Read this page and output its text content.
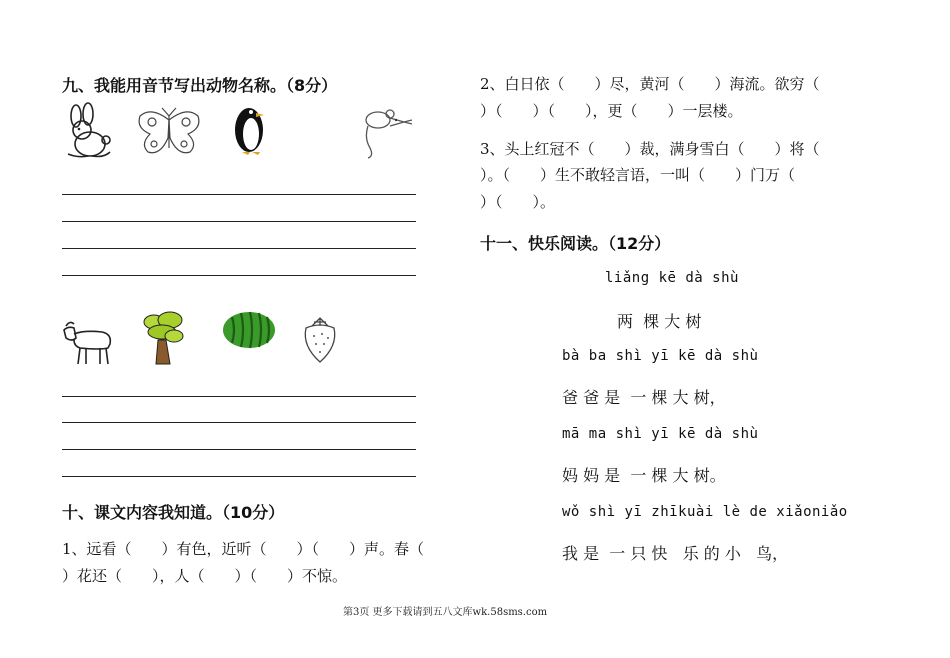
九、我能用音节写出动物名称。（8分）
十、课文内容我知道。（10分）
1、远看（　　）有色，近听（　　）（　　）声。春（
）花还（　　），人（　　）（　　）不惊。
2、白日依（　　）尽，黄河（　　）海流。欲穷（
）（　　）（　　），更（　　）一层楼。
3、头上红冠不（　　）裁，满身雪白（　　）将（
）。（　　）生不敢轻言语，一叫（　　）门万（
）（　　）。
十一、快乐阅读。（12分）
liǎng kē dà shù
两  棵 大 树
bà ba shì yī kē dà shù
爸 爸 是  一 棵 大 树，
mā ma shì yī kē dà shù
妈 妈 是  一 棵 大 树。
wǒ shì yī zhīkuài lè de xiǎoniǎo
我 是  一 只 快   乐 的 小   鸟，
第3页 更多下载请到五八文库wk.58sms.com
